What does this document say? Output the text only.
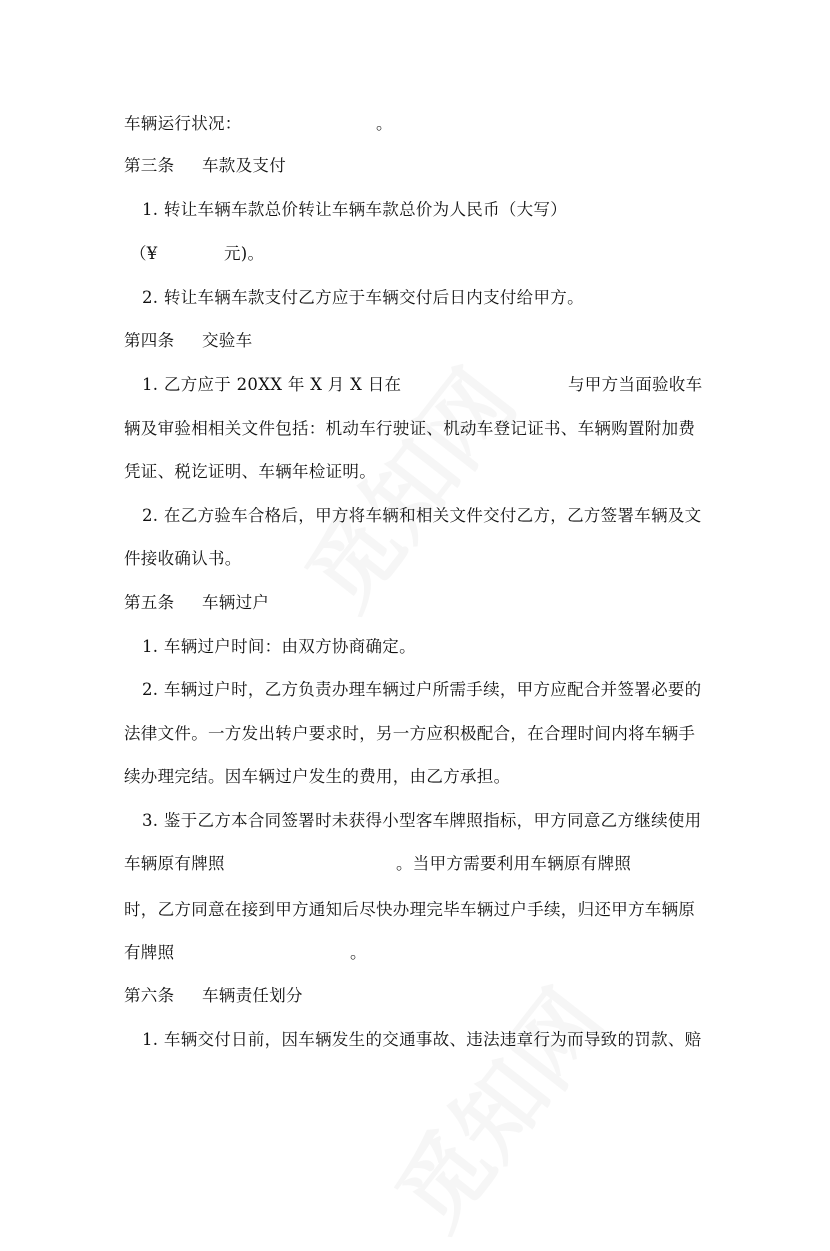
车辆运行状况：	。
第三条 车款及支付
1. 转让车辆车款总价转让车辆车款总价为人民币（大写）
（¥	元)。
2. 转让车辆车款支付乙方应于车辆交付后日内支付给甲方。
第四条 交验车
1. 乙方应于 20XX 年 X 月 X 日在	与甲方当面验收车
辆及审验相相关文件包括：机动车行驶证、机动车登记证书、车辆购置附加费
凭证、税讫证明、车辆年检证明。
2. 在乙方验车合格后，甲方将车辆和相关文件交付乙方，乙方签署车辆及文
件接收确认书。
第五条 车辆过户
1. 车辆过户时间：由双方协商确定。
2. 车辆过户时，乙方负责办理车辆过户所需手续，甲方应配合并签署必要的
法律文件。一方发出转户要求时，另一方应积极配合，在合理时间内将车辆手
续办理完结。因车辆过户发生的费用，由乙方承担。
3. 鉴于乙方本合同签署时未获得小型客车牌照指标，甲方同意乙方继续使用
车辆原有牌照	。当甲方需要利用车辆原有牌照
时，乙方同意在接到甲方通知后尽快办理完毕车辆过户手续，归还甲方车辆原
有牌照	。
第六条 车辆责任划分
1. 车辆交付日前，因车辆发生的交通事故、违法违章行为而导致的罚款、赔
